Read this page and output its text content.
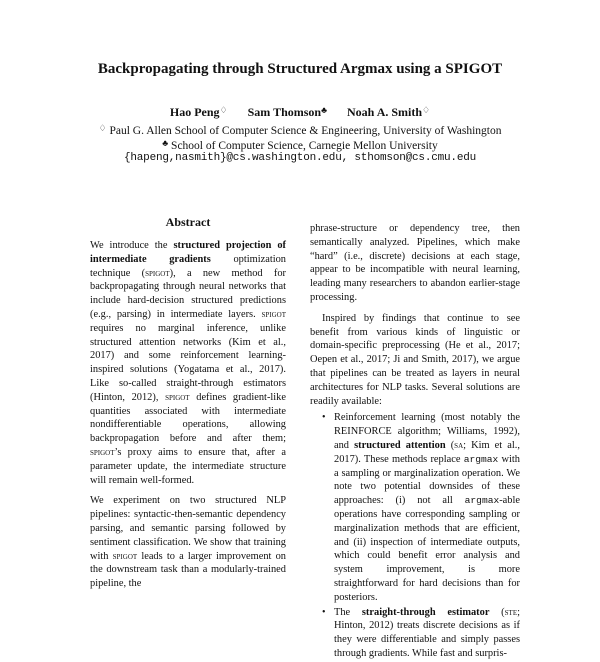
Backpropagating through Structured Argmax using a SPIGOT
Hao Peng♢ Sam Thomson♣ Noah A. Smith♢
♢ Paul G. Allen School of Computer Science & Engineering, University of Washington
♣ School of Computer Science, Carnegie Mellon University
{hapeng,nasmith}@cs.washington.edu, sthomson@cs.cmu.edu
Abstract

We introduce the structured projection of intermediate gradients optimization technique (spigot), a new method for backpropagating through neural networks that include hard-decision structured predictions (e.g., parsing) in intermediate layers. spigot requires no marginal inference, unlike structured attention networks (Kim et al., 2017) and some reinforcement learning-inspired solutions (Yogatama et al., 2017). Like so-called straight-through estimators (Hinton, 2012), spigot defines gradient-like quantities associated with intermediate nondifferentiable operations, allowing backpropagation before and after them; spigot’s proxy aims to ensure that, after a parameter update, the intermediate structure will remain well-formed.

We experiment on two structured NLP pipelines: syntactic-then-semantic dependency parsing, and semantic parsing followed by sentiment classification. We show that training with spigot leads to a larger improvement on the downstream task than a modularly-trained pipeline, the

phrase-structure or dependency tree, then semantically analyzed. Pipelines, which make “hard” (i.e., discrete) decisions at each stage, appear to be incompatible with neural learning, leading many researchers to abandon earlier-stage processing.

Inspired by findings that continue to see benefit from various kinds of linguistic or domain-specific preprocessing (He et al., 2017; Oepen et al., 2017; Ji and Smith, 2017), we argue that pipelines can be treated as layers in neural architectures for NLP tasks. Several solutions are readily available:

• Reinforcement learning (most notably the REINFORCE algorithm; Williams, 1992), and structured attention (sa; Kim et al., 2017). These methods replace argmax with a sampling or marginalization operation. We note two potential downsides of these approaches: (i) not all argmax-able operations have corresponding sampling or marginalization methods that are efficient, and (ii) inspection of intermediate outputs, which could benefit error analysis and system improvement, is more straightforward for hard decisions than for posteriors.
• The straight-through estimator (ste; Hinton, 2012) treats discrete decisions as if they were differentiable and simply passes through gradients. While fast and surpris-
